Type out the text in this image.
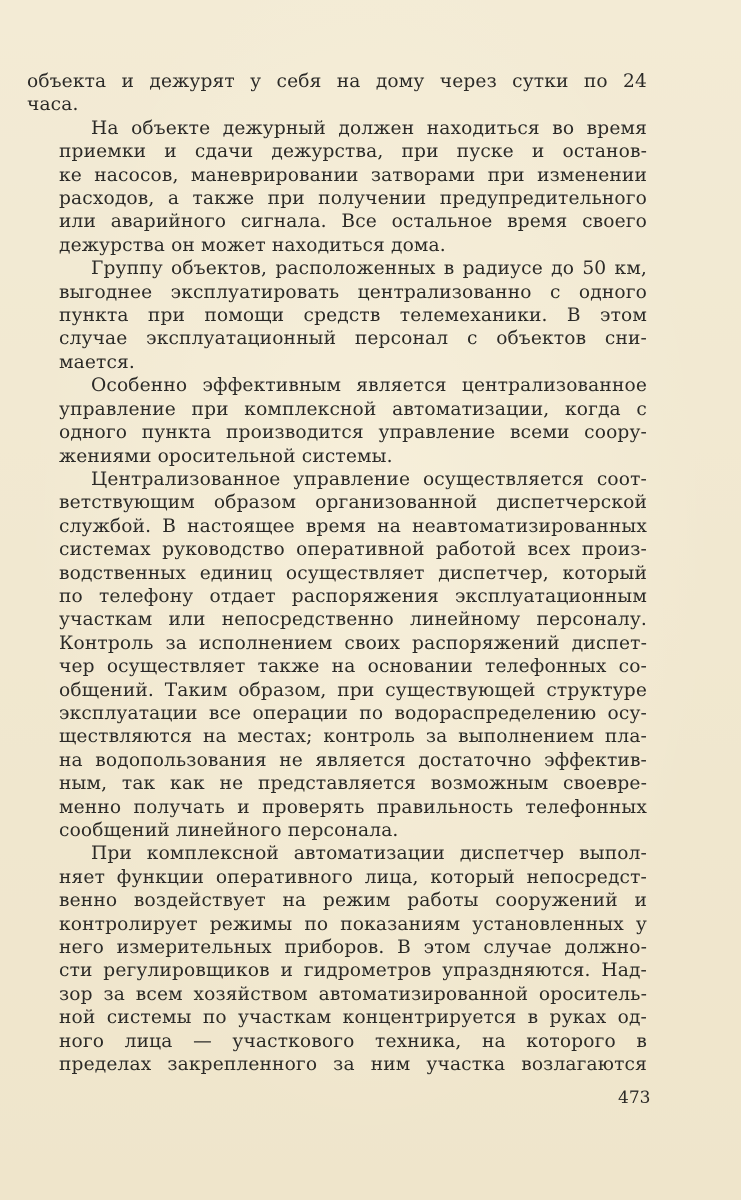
объекта и дежурят у себя на дому через сутки по 24
часа.

На объекте дежурный должен находиться во время
приемки и сдачи дежурства, при пуске и останов-
ке насосов, маневрировании затворами при изменении
расходов, а также при получении предупредительного
или аварийного сигнала. Все остальное время своего
дежурства он может находиться дома.

Группу объектов, расположенных в радиусе до 50 км,
выгоднее эксплуатировать централизованно с одного
пункта при помощи средств телемеханики. В этом
случае эксплуатационный персонал с объектов сни-
мается.

Особенно эффективным является централизованное
управление при комплексной автоматизации, когда с
одного пункта производится управление всеми соору-
жениями оросительной системы.

Централизованное управление осуществляется соот-
ветствующим образом организованной диспетчерской
службой. В настоящее время на неавтоматизированных
системах руководство оперативной работой всех произ-
водственных единиц осуществляет диспетчер, который
по телефону отдает распоряжения эксплуатационным
участкам или непосредственно линейному персоналу.
Контроль за исполнением своих распоряжений диспет-
чер осуществляет также на основании телефонных со-
общений. Таким образом, при существующей структуре
эксплуатации все операции по водораспределению осу-
ществляются на местах; контроль за выполнением пла-
на водопользования не является достаточно эффектив-
ным, так как не представляется возможным своевре-
менно получать и проверять правильность телефонных
сообщений линейного персонала.

При комплексной автоматизации диспетчер выпол-
няет функции оперативного лица, который непосредст-
венно воздействует на режим работы сооружений и
контролирует режимы по показаниям установленных у
него измерительных приборов. В этом случае должно-
сти регулировщиков и гидрометров упраздняются. Над-
зор за всем хозяйством автоматизированной ороситель-
ной системы по участкам концентрируется в руках од-
ного лица — участкового техника, на которого в
пределах закрепленного за ним участка возлагаются

473
